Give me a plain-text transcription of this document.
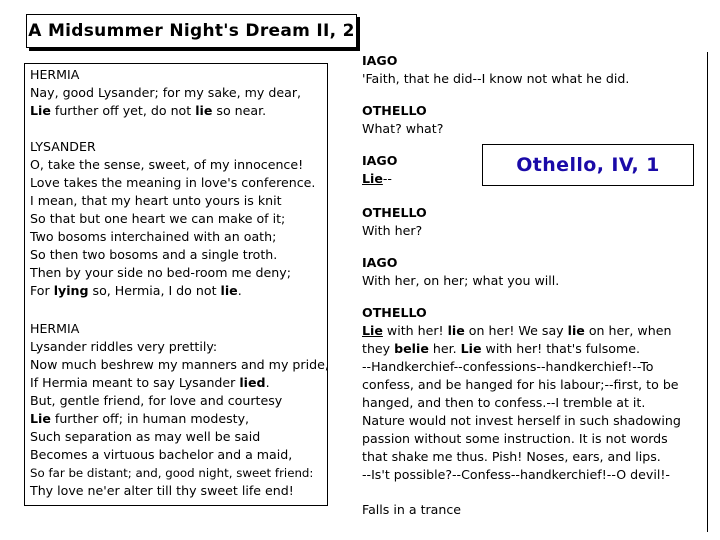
A Midsummer Night's Dream II, 2
HERMIA
Nay, good Lysander; for my sake, my dear,
Lie further off yet, do not lie so near.
LYSANDER
O, take the sense, sweet, of my innocence!
Love takes the meaning in love's conference.
I mean, that my heart unto yours is knit
So that but one heart we can make of it;
Two bosoms interchained with an oath;
So then two bosoms and a single troth.
Then by your side no bed-room me deny;
For lying so, Hermia, I do not lie.
HERMIA
Lysander riddles very prettily:
Now much beshrew my manners and my pride,
If Hermia meant to say Lysander lied.
But, gentle friend, for love and courtesy
Lie further off; in human modesty,
Such separation as may well be said
Becomes a virtuous bachelor and a maid,
So far be distant; and, good night, sweet friend:
Thy love ne'er alter till thy sweet life end!
IAGO
'Faith, that he did--I know not what he did.
OTHELLO
What? what?
IAGO
Lie--
OTHELLO
With her?
IAGO
With her, on her; what you will.
OTHELLO
Lie with her! lie on her! We say lie on her, when
they belie her. Lie with her! that's fulsome.
--Handkerchief--confessions--handkerchief!--To
confess, and be hanged for his labour;--first, to be
hanged, and then to confess.--I tremble at it.
Nature would not invest herself in such shadowing
passion without some instruction. It is not words
that shake me thus. Pish! Noses, ears, and lips.
--Is't possible?--Confess--handkerchief!--O devil!-
Falls in a trance
Othello, IV, 1
